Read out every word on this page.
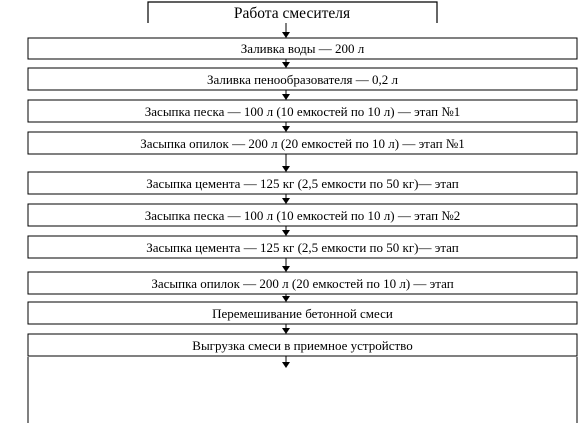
Работа смесителя
Заливка воды — 200 л
Заливка пенообразователя — 0,2 л
Засыпка песка — 100 л (10 емкостей по 10 л) — этап №1
Засыпка опилок — 200 л (20 емкостей по 10 л) — этап №1
Засыпка цемента — 125 кг (2,5 емкости по 50 кг)— этап
Засыпка песка — 100 л (10 емкостей по 10 л) — этап №2
Засыпка цемента — 125 кг (2,5 емкости по 50 кг)— этап
Засыпка опилок — 200 л (20 емкостей по 10 л) — этап
Перемешивание бетонной смеси
Выгрузка смеси в приемное устройство
